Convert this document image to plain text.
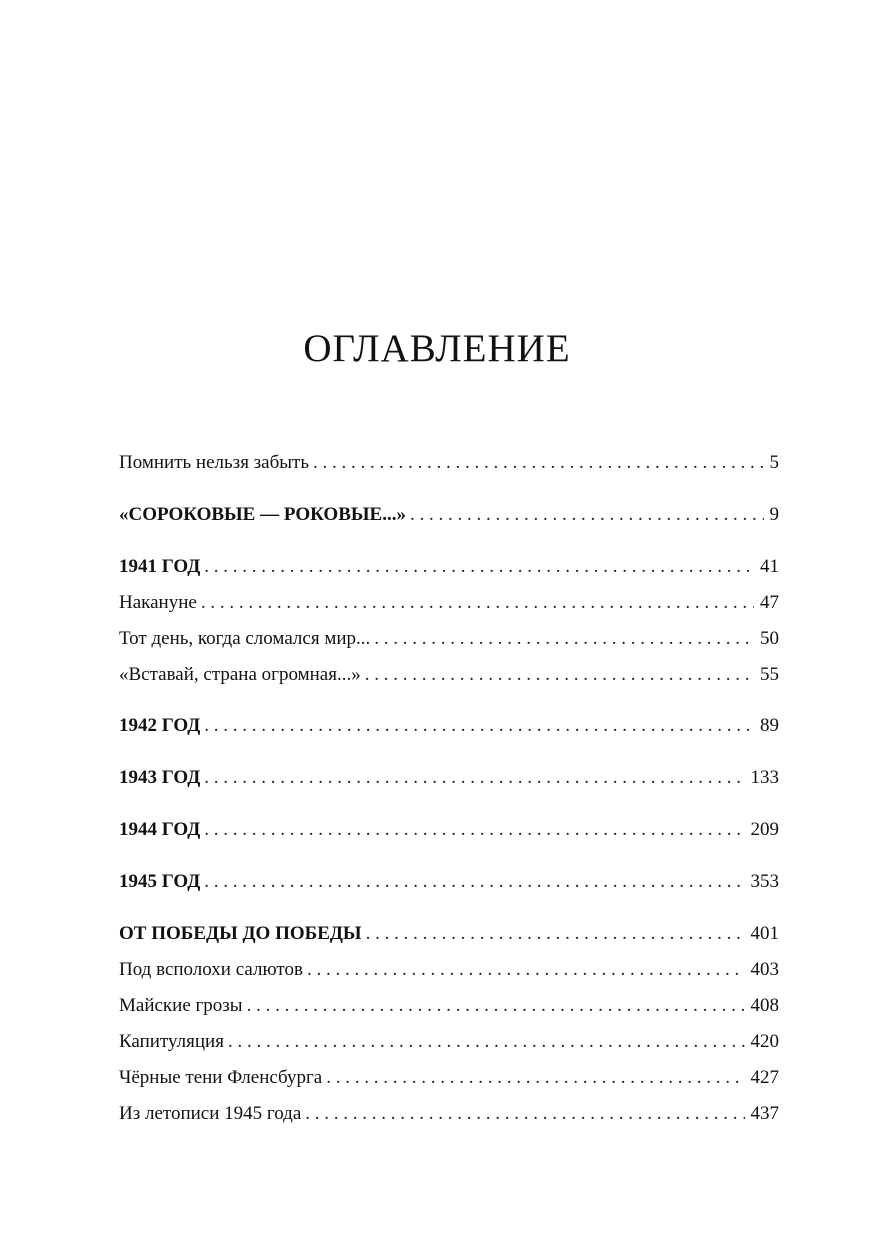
ОГЛАВЛЕНИЕ
Помнить нельзя забыть . . .	5
«СОРОКОВЫЕ — РОКОВЫЕ...» . . .	9
1941 ГОД . . .	41
Накануне . . .	47
Тот день, когда сломался мир... . . .	50
«Вставай, страна огромная...» . . .	55
1942 ГОД . . .	89
1943 ГОД . . .	133
1944 ГОД . . .	209
1945 ГОД . . .	353
ОТ ПОБЕДЫ ДО ПОБЕДЫ . . .	401
Под всполохи салютов . . .	403
Майские грозы . . .	408
Капитуляция . . .	420
Чёрные тени Фленсбурга . . .	427
Из летописи 1945 года . . .	437
